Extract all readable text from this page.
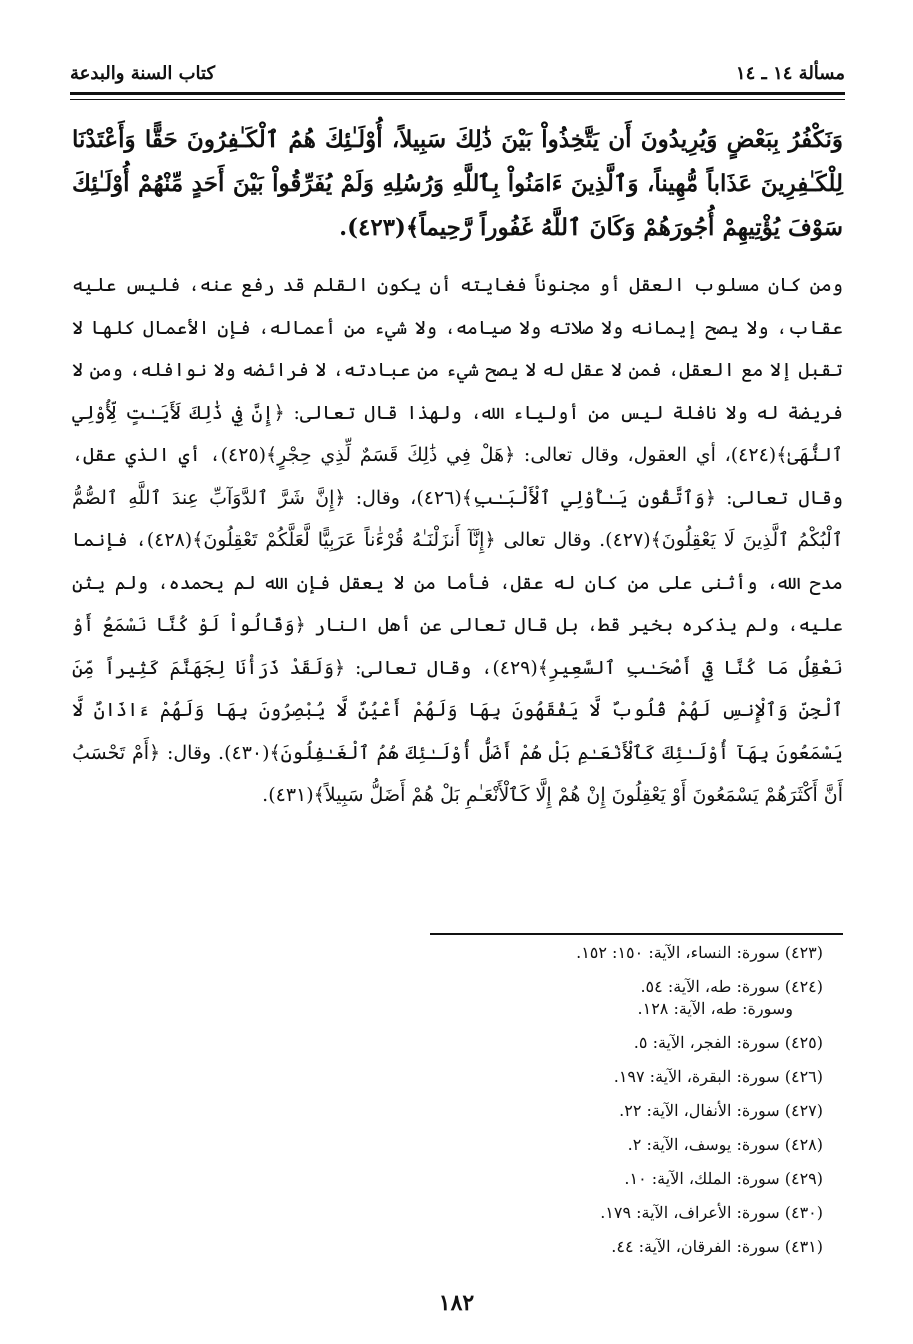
مسألة ١٤ ـ ١٤
كتاب السنة والبدعة
وَنَكْفُرُ بِبَعْضٍ وَيُرِيدُونَ أَن يَتَّخِذُواْ بَيْنَ ذَٰلِكَ سَبِيلاً، أُوْلَـٰئِكَ هُمُ ٱلْكَـٰفِرُونَ حَقًّا وَأَعْتَدْنَا لِلْكَـٰفِرِينَ عَذَاباً مُّهِيناً، وَٱلَّذِينَ ءَامَنُواْ بِٱللَّهِ وَرُسُلِهِ وَلَمْ يُفَرِّقُواْ بَيْنَ أَحَدٍ مِّنْهُمْ أُوْلَـٰئِكَ سَوْفَ يُؤْتِيهِمْ أُجُورَهُمْ وَكَانَ ٱللَّهُ غَفُوراً رَّحِيماً﴾(٤٢٣).
ومن كان مسلوب العقل أو مجنوناً فغايته أن يكون القلم قد رفع عنه، فليس عليه عقاب، ولا يصح إيمانه ولا صلاته ولا صيامه، ولا شيء من أعماله، فإن الأعمال كلها لا تقبل إلا مع العقل، فمن لا عقل له لا يصح شيء من عبادته، لا فرائضه ولا نوافله، ومن لا فريضة له ولا نافلة ليس من أولياء الله، ولهذا قال تعالى: ﴿إِنَّ فِي ذَٰلِكَ لَأَيَـٰتٍ لِّأُوْلِي ٱلنُّهَىٰ﴾(٤٢٤)، أي العقول، وقال تعالى: ﴿هَلْ فِي ذَٰلِكَ قَسَمٌ لِّذِي حِجْرٍ﴾(٤٢٥)، أي الذي عقل، وقال تعالى: ﴿وَٱتَّقُونِ يَـٰأُوْلِي ٱلْأَلْبَـٰبِ﴾(٤٢٦)، وقال: ﴿إِنَّ شَرَّ ٱلدَّوَآبِّ عِندَ ٱللَّهِ ٱلصُّمُّ ٱلْبُكْمُ ٱلَّذِينَ لَا يَعْقِلُونَ﴾(٤٢٧). وقال تعالى ﴿إِنَّآ أَنزَلْنَـٰهُ قُرْءَٰناً عَرَبِيًّا لَّعَلَّكُمْ تَعْقِلُونَ﴾(٤٢٨)، فإنما مدح الله، وأثنى على من كان له عقل، فأما من لا يعقل فإن الله لم يحمده، ولم يثن عليه، ولم يذكره بخير قط، بل قال تعالى عن أهل النار ﴿وَقَالُواْ لَوْ كُنَّا نَسْمَعُ أَوْ نَعْقِلُ مَا كُنَّا فِيٓ أَصْحَـٰبِ ٱلسَّعِيرِ﴾(٤٢٩)، وقال تعالى: ﴿وَلَقَدْ ذَرَأْنَا لِجَهَنَّمَ كَثِيراً مِّنَ ٱلْجِنِّ وَٱلْإِنسِ لَهُمْ قُلُوبٌ لَّا يَفْقَهُونَ بِهَا وَلَهُمْ أَعْيُنٌ لَّا يُبْصِرُونَ بِهَا وَلَهُمْ ءَاذَانٌ لَّا يَسْمَعُونَ بِهَآ أُوْلَـٰئِكَ كَٱلْأَنْعَـٰمِ بَلْ هُمْ أَضَلُّ أُوْلَـٰئِكَ هُمُ ٱلْغَـٰفِلُونَ﴾(٤٣٠). وقال: ﴿أَمْ تَحْسَبُ أَنَّ أَكْثَرَهُمْ يَسْمَعُونَ أَوْ يَعْقِلُونَ إِنْ هُمْ إِلَّا كَٱلْأَنْعَـٰمِ بَلْ هُمْ أَضَلُّ سَبِيلاً﴾(٤٣١).
(٤٢٣) سورة: النساء، الآية: ١٥٠: ١٥٢.
(٤٢٤) سورة: طه، الآية: ٥٤.
وسورة: طه، الآية: ١٢٨.
(٤٢٥) سورة: الفجر، الآية: ٥.
(٤٢٦) سورة: البقرة، الآية: ١٩٧.
(٤٢٧) سورة: الأنفال، الآية: ٢٢.
(٤٢٨) سورة: يوسف، الآية: ٢.
(٤٢٩) سورة: الملك، الآية: ١٠.
(٤٣٠) سورة: الأعراف، الآية: ١٧٩.
(٤٣١) سورة: الفرقان، الآية: ٤٤.
١٨٢
